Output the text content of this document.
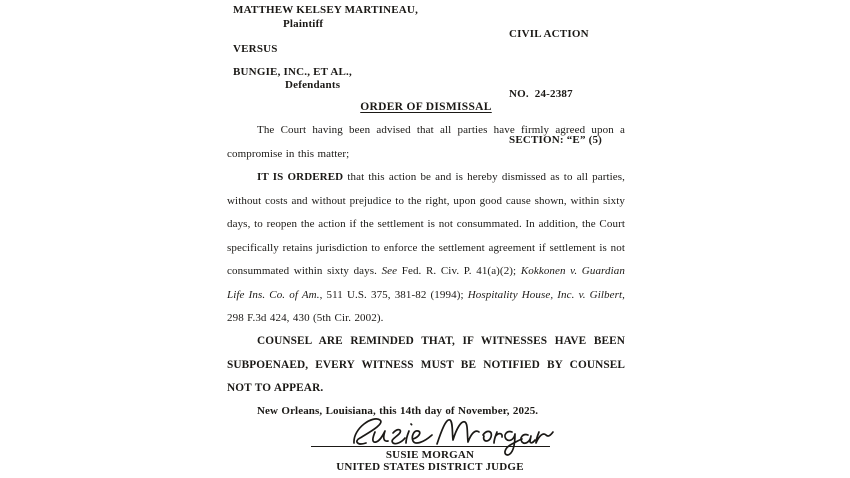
MATTHEW KELSEY MARTINEAU,
Plaintiff
VERSUS
BUNGIE, INC., ET AL.,
Defendants

CIVIL ACTION

NO.  24-2387

SECTION: “E” (5)

ORDER OF DISMISSAL

The Court having been advised that all parties have firmly agreed upon a compromise in this matter;

IT IS ORDERED that this action be and is hereby dismissed as to all parties, without costs and without prejudice to the right, upon good cause shown, within sixty days, to reopen the action if the settlement is not consummated. In addition, the Court specifically retains jurisdiction to enforce the settlement agreement if settlement is not consummated within sixty days. See Fed. R. Civ. P. 41(a)(2); Kokkonen v. Guardian Life Ins. Co. of Am., 511 U.S. 375, 381-82 (1994); Hospitality House, Inc. v. Gilbert, 298 F.3d 424, 430 (5th Cir. 2002).

COUNSEL ARE REMINDED THAT, IF WITNESSES HAVE BEEN SUBPOENAED, EVERY WITNESS MUST BE NOTIFIED BY COUNSEL NOT TO APPEAR.

New Orleans, Louisiana, this 14th day of November, 2025.

SUSIE MORGAN
UNITED STATES DISTRICT JUDGE
